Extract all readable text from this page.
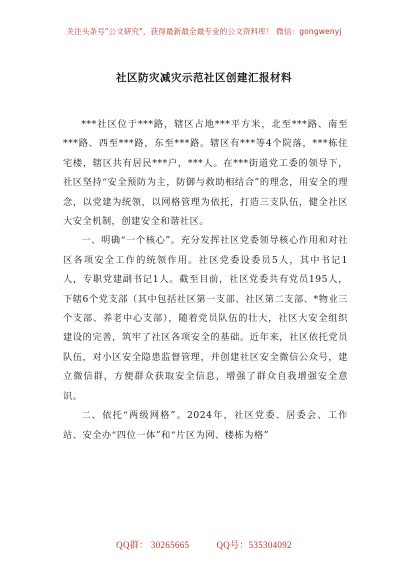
关注头条号"公文研究"，获得最新最全最专业的公文资料库！ 微信：gongwenyj
社区防灾减灾示范社区创建汇报材料

***社区位于***路，辖区占地***平方米，北至***路、南至***路、西至***路，东至***路。辖区有***等4个院落，***栋住宅楼，辖区共有居民***户，***人。在***街道党工委的领导下，社区坚持“安全预防为主，防御与救助相结合”的理念，用安全的理念，以党建为统领，以网格管理为依托，打造三支队伍，健全社区大安全机制，创建安全和谐社区。

一、明确“一个核心”。充分发挥社区党委领导核心作用和对社区各项安全工作的统领作用。社区党委设委员5人，其中书记1人，专职党建副书记1人。截至目前，社区党委共有党员195人，下辖6个党支部（其中包括社区第一支部、社区第二支部、*物业三个支部、养老中心支部），随着党员队伍的壮大，社区大安全组织建设的完善，筑牢了社区各项安全的基础。近年来，社区依托党员队伍，对小区安全隐患监督管理，并创建社区安全微信公众号，建立微信群，方便群众获取安全信息，增强了群众自我增强安全意识。

二、依托“两级网格”。2024年，社区党委、居委会、工作站、安全办“四位一体”和“片区为网、楼栋为格”

QQ群： 30265665	QQ号：535304092
